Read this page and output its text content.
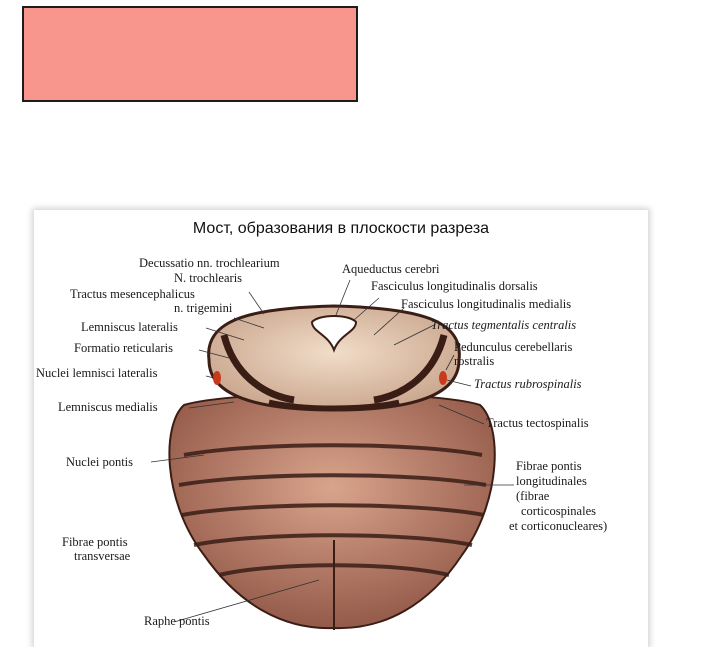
Мост, образования в плоскости разреза
Decussatio nn. trochlearium
N. trochlearis
Tractus mesencephalicus
n. trigemini
Lemniscus lateralis
Formatio reticularis
Nuclei lemnisci lateralis
Lemniscus medialis
Nuclei pontis
Fibrae pontis
transversae
Raphe pontis
Aqueductus cerebri
Fasciculus longitudinalis dorsalis
Fasciculus longitudinalis medialis
Tractus tegmentalis centralis
Pedunculus cerebellaris
rostralis
Tractus rubrospinalis
Tractus tectospinalis
Fibrae pontis
longitudinales
(fibrae
corticospinales
et corticonucleares)
